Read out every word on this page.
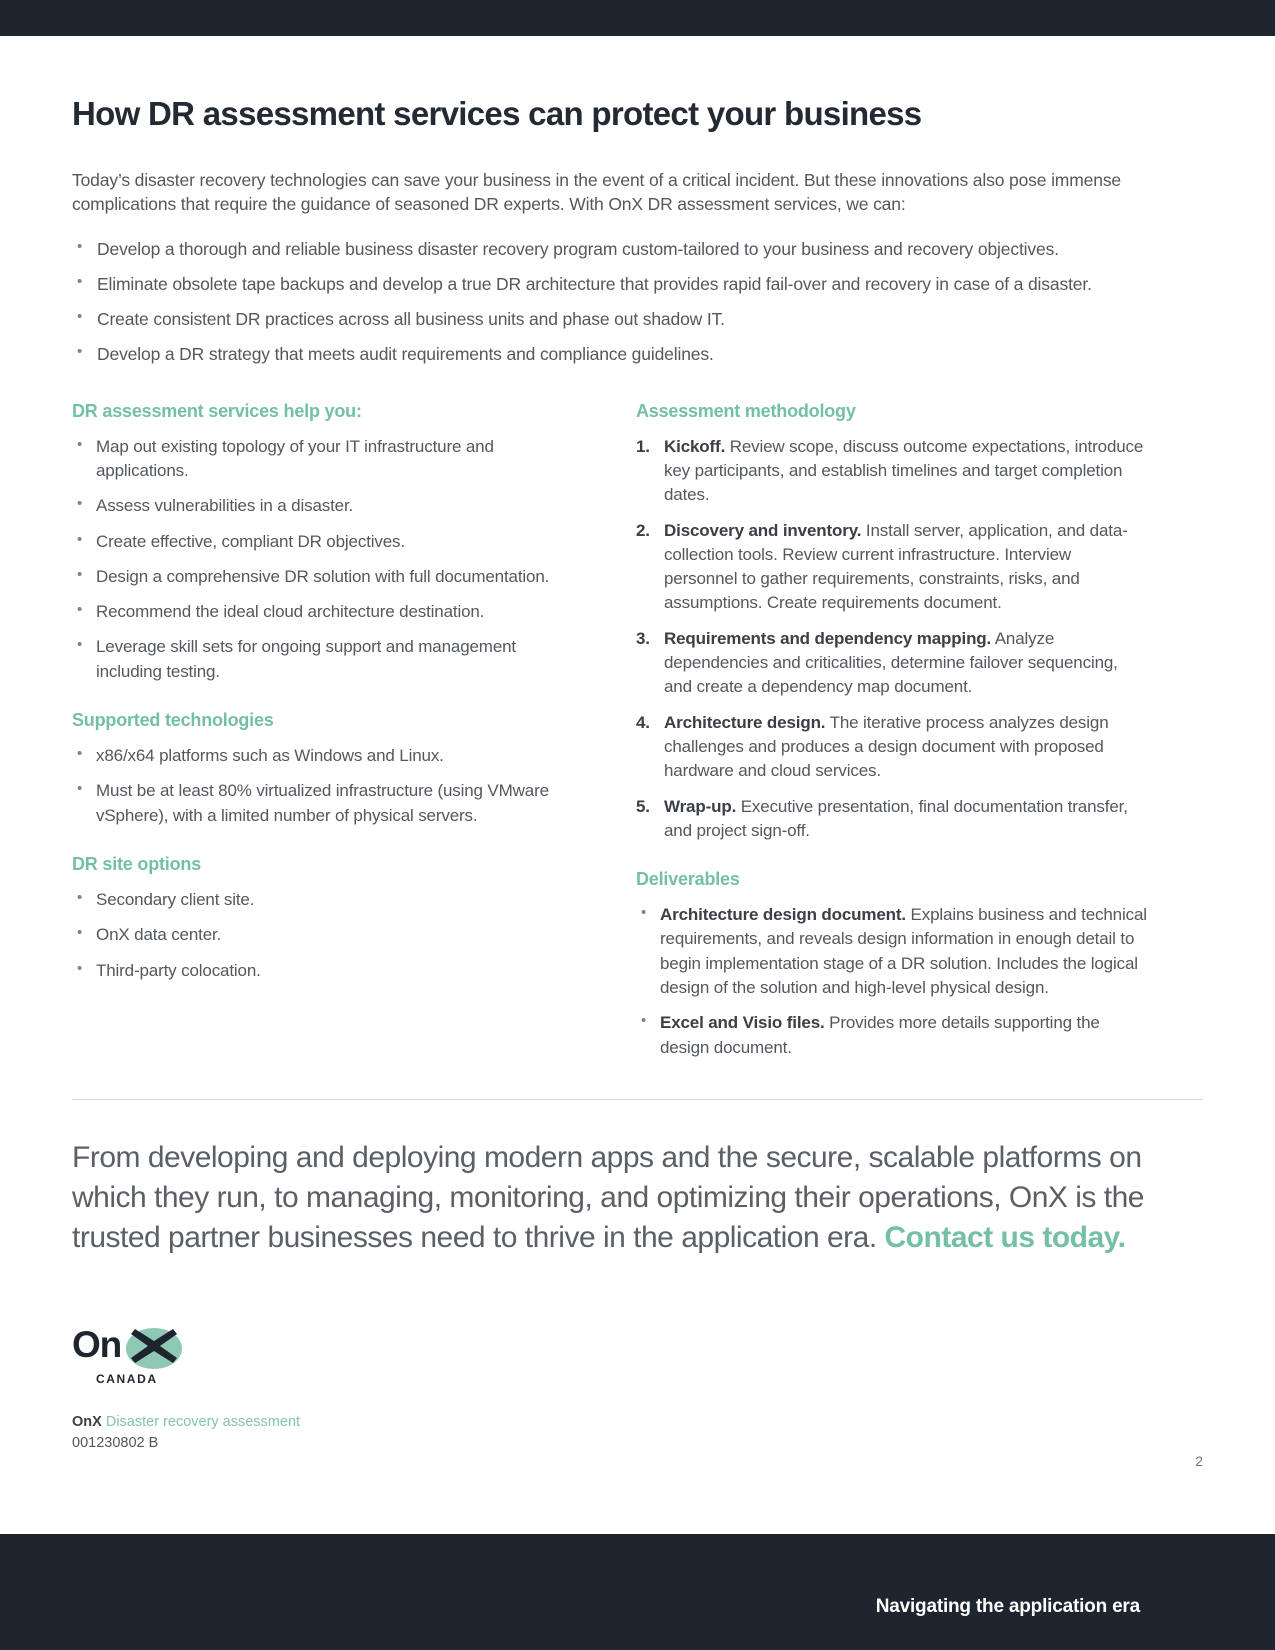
How DR assessment services can protect your business

Today’s disaster recovery technologies can save your business in the event of a critical incident. But these innovations also pose immense complications that require the guidance of seasoned DR experts. With OnX DR assessment services, we can:

• Develop a thorough and reliable business disaster recovery program custom-tailored to your business and recovery objectives.
• Eliminate obsolete tape backups and develop a true DR architecture that provides rapid fail-over and recovery in case of a disaster.
• Create consistent DR practices across all business units and phase out shadow IT.
• Develop a DR strategy that meets audit requirements and compliance guidelines.
DR assessment services help you:
• Map out existing topology of your IT infrastructure and applications.
• Assess vulnerabilities in a disaster.
• Create effective, compliant DR objectives.
• Design a comprehensive DR solution with full documentation.
• Recommend the ideal cloud architecture destination.
• Leverage skill sets for ongoing support and management including testing.
Supported technologies
• x86/x64 platforms such as Windows and Linux.
• Must be at least 80% virtualized infrastructure (using VMware vSphere), with a limited number of physical servers.
DR site options
• Secondary client site.
• OnX data center.
• Third-party colocation.
Assessment methodology
1. Kickoff. Review scope, discuss outcome expectations, introduce key participants, and establish timelines and target completion dates.
2. Discovery and inventory. Install server, application, and data-collection tools. Review current infrastructure. Interview personnel to gather requirements, constraints, risks, and assumptions. Create requirements document.
3. Requirements and dependency mapping. Analyze dependencies and criticalities, determine failover sequencing, and create a dependency map document.
4. Architecture design. The iterative process analyzes design challenges and produces a design document with proposed hardware and cloud services.
5. Wrap-up. Executive presentation, final documentation transfer, and project sign-off.
Deliverables
• Architecture design document. Explains business and technical requirements, and reveals design information in enough detail to begin implementation stage of a DR solution. Includes the logical design of the solution and high-level physical design.
• Excel and Visio files. Provides more details supporting the design document.

From developing and deploying modern apps and the secure, scalable platforms on which they run, to managing, monitoring, and optimizing their operations, OnX is the trusted partner businesses need to thrive in the application era. Contact us today.

On
CANADA
OnX Disaster recovery assessment
001230802 B
2
Navigating the application era
